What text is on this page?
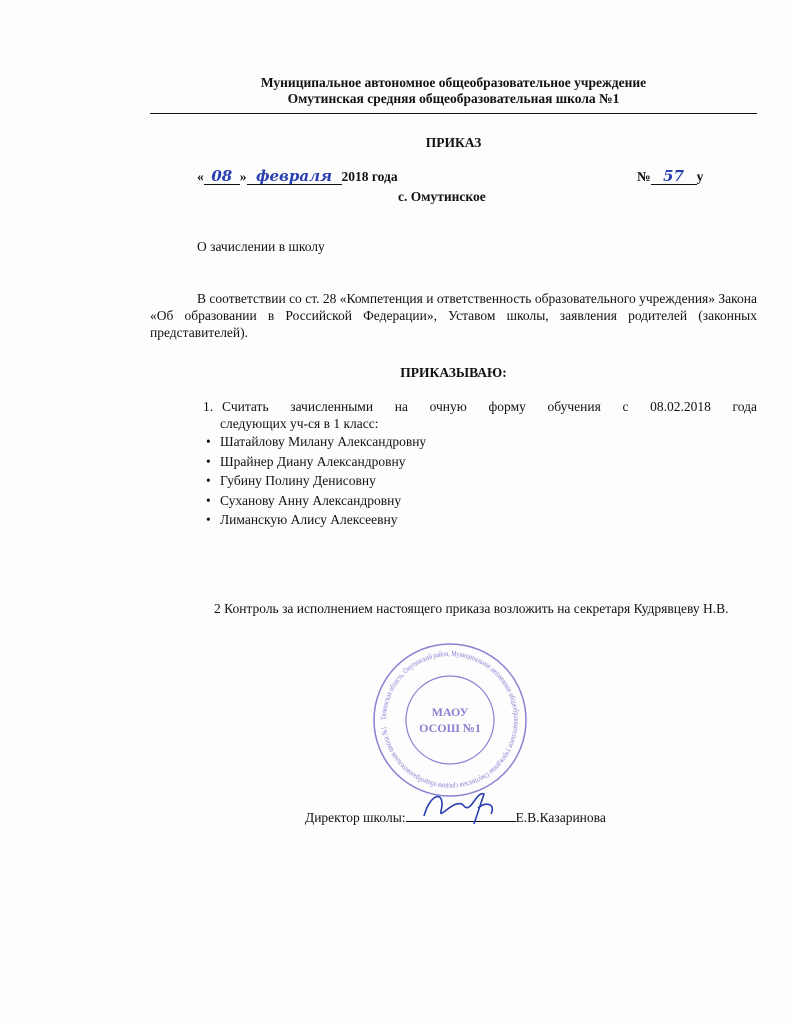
Муниципальное автономное общеобразовательное учреждение
Омутинская средняя общеобразовательная школа №1
ПРИКАЗ
« 08 » февраля 2018 года	№ 57 у
с. Омутинское
О зачислении в школу
В соответствии со ст. 28 «Компетенция и ответственность образовательного учреждения» Закона «Об образовании в Российской Федерации», Уставом школы, заявления родителей (законных представителей).
ПРИКАЗЫВАЮ:
1. Считать зачисленными на очную форму обучения с 08.02.2018 года
следующих уч-ся в 1 класс:
• Шатайлову Милану Александровну
• Шрайнер Диану Александровну
• Губину Полину Денисовну
• Суханову Анну Александровну
• Лиманскую Алису Алексеевну
2 Контроль за исполнением настоящего приказа возложить на секретаря Кудрявцеву Н.В.
Тюменская область, Омутинский район, Муниципальное автономное общеобразовательное учреждение Омутинская средняя общеобразовательная школа №1
МАОУ
ОСОШ №1
Директор школы:	Е.В.Казаринова
